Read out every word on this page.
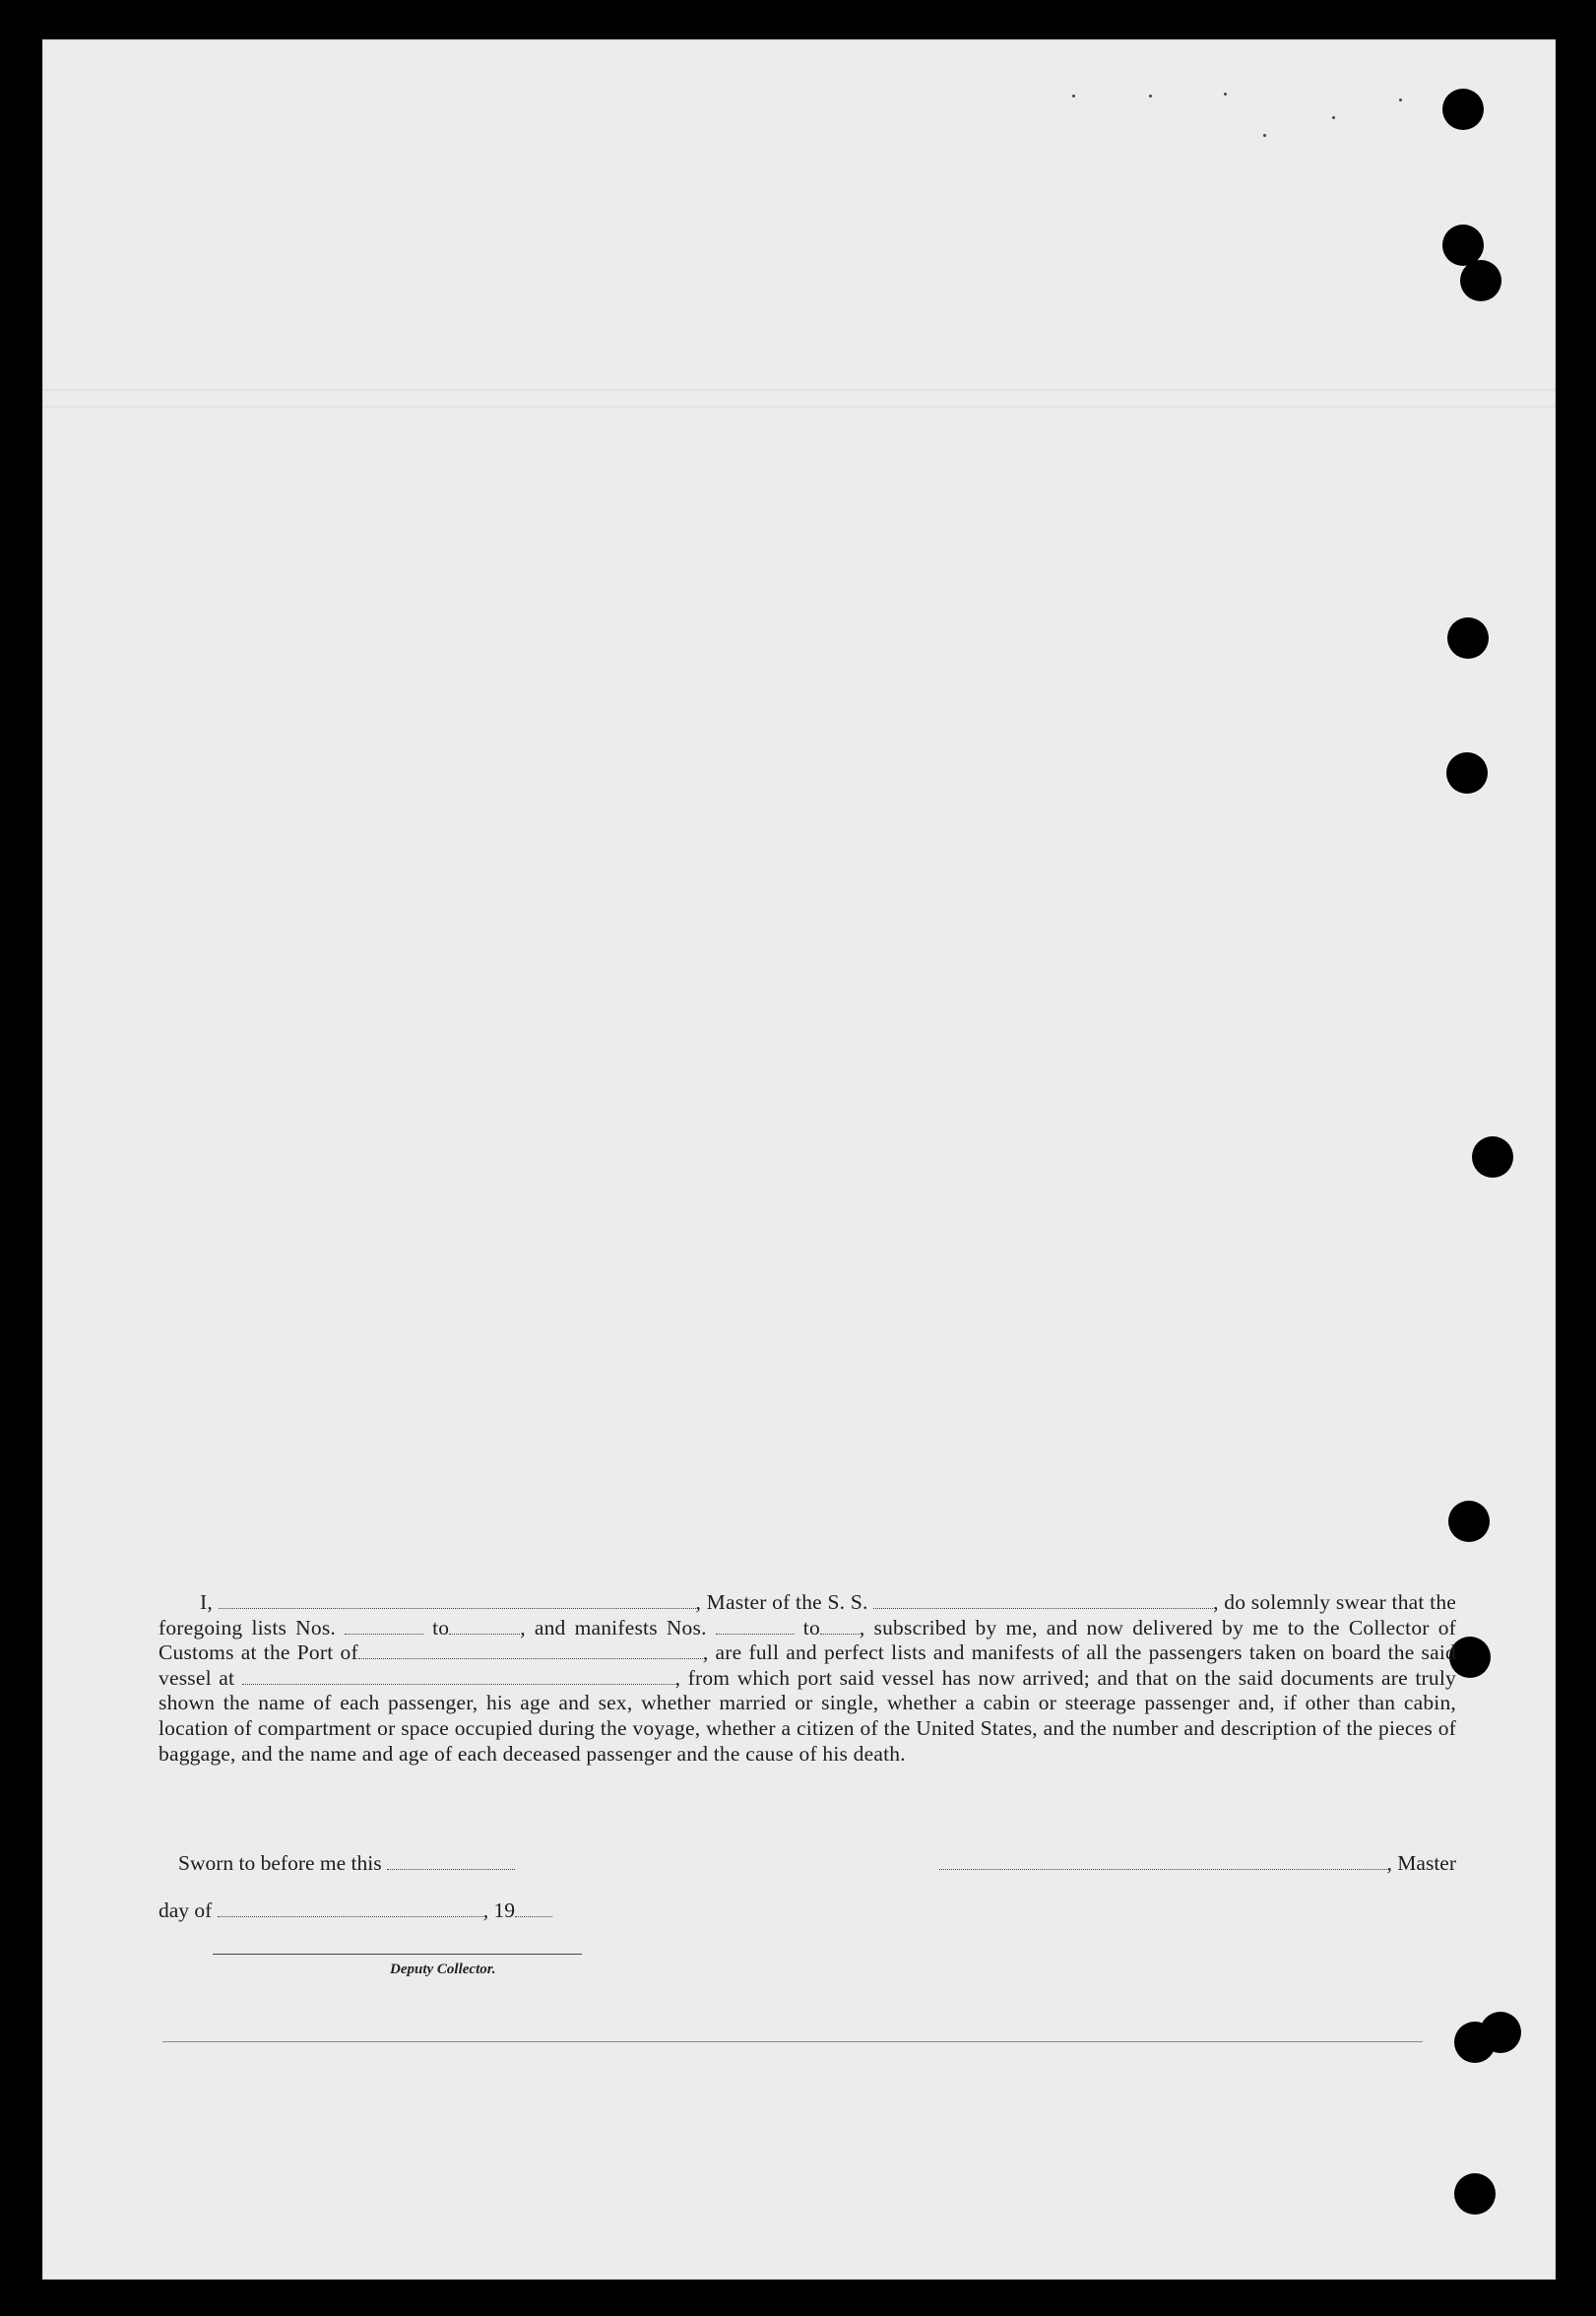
I,	, Master of the S. S.	, do solemnly swear that the foregoing lists Nos.	to	, and manifests Nos.	to , subscribed by me, and now delivered by me to the Collector of Customs at the Port of	, are full and perfect lists and manifests of all the passengers taken on board the said vessel at	, from which port said vessel has now arrived; and that on the said documents are truly shown the name of each passenger, his age and sex, whether married or single, whether a cabin or steerage passenger and, if other than cabin, location of compartment or space occupied during the voyage, whether a citizen of the United States, and the number and description of the pieces of baggage, and the name and age of each deceased passenger and the cause of his death.
Sworn to before me this	, Master
day of	, 19
Deputy Collector.
